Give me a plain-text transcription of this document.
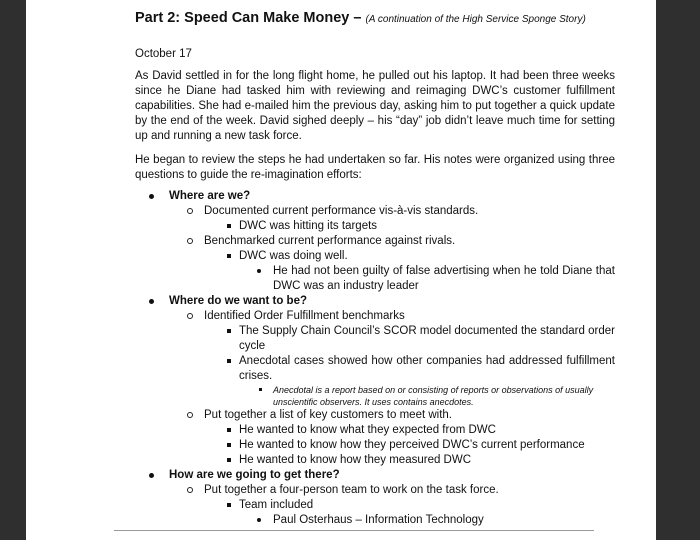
Part 2: Speed Can Make Money – (A continuation of the High Service Sponge Story)
October 17

As David settled in for the long flight home, he pulled out his laptop. It had been three weeks since he Diane had tasked him with reviewing and reimaging DWC’s customer fulfillment capabilities. She had e-mailed him the previous day, asking him to put together a quick update by the end of the week. David sighed deeply – his “day” job didn’t leave much time for setting up and running a new task force.

He began to review the steps he had undertaken so far. His notes were organized using three questions to guide the re-imagination efforts:

Where are we?
Documented current performance vis-à-vis standards.
DWC was hitting its targets
Benchmarked current performance against rivals.
DWC was doing well.
He had not been guilty of false advertising when he told Diane that DWC was an industry leader
Where do we want to be?
Identified Order Fulfillment benchmarks
The Supply Chain Council’s SCOR model documented the standard order cycle
Anecdotal cases showed how other companies had addressed fulfillment crises.
Anecdotal is a report based on or consisting of reports or observations of usually unscientific observers. It uses contains anecdotes.
Put together a list of key customers to meet with.
He wanted to know what they expected from DWC
He wanted to know how they perceived DWC’s current performance
He wanted to know how they measured DWC
How are we going to get there?
Put together a four-person team to work on the task force.
Team included
Paul Osterhaus – Information Technology
